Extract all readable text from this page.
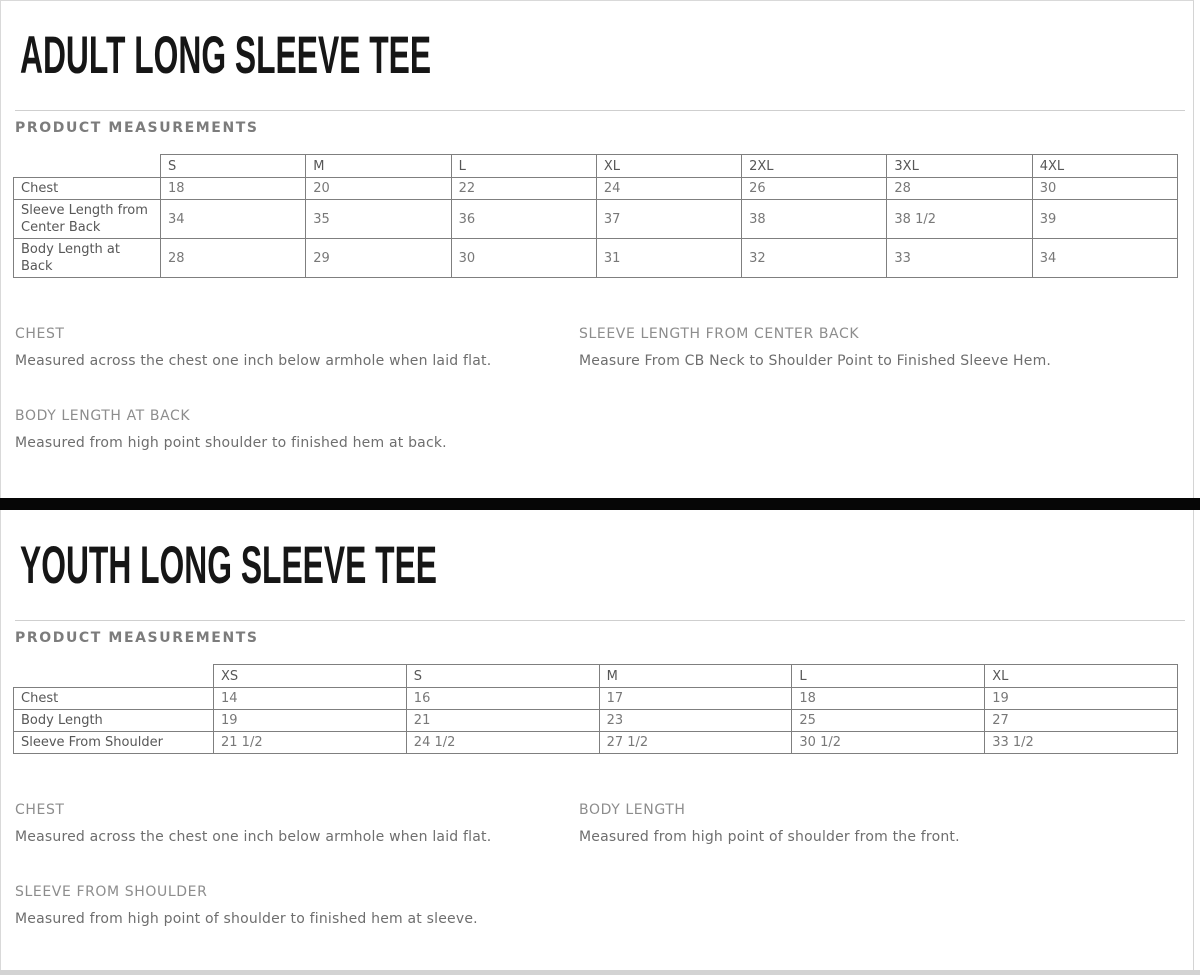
ADULT LONG SLEEVE TEE
PRODUCT MEASUREMENTS
	S	M	L	XL	2XL	3XL	4XL
Chest	18	20	22	24	26	28	30
Sleeve Length from Center Back	34	35	36	37	38	38 1/2	39
Body Length at Back	28	29	30	31	32	33	34
CHEST
Measured across the chest one inch below armhole when laid flat.
SLEEVE LENGTH FROM CENTER BACK
Measure From CB Neck to Shoulder Point to Finished Sleeve Hem.
BODY LENGTH AT BACK
Measured from high point shoulder to finished hem at back.
YOUTH LONG SLEEVE TEE
PRODUCT MEASUREMENTS
	XS	S	M	L	XL
Chest	14	16	17	18	19
Body Length	19	21	23	25	27
Sleeve From Shoulder	21 1/2	24 1/2	27 1/2	30 1/2	33 1/2
CHEST
Measured across the chest one inch below armhole when laid flat.
BODY LENGTH
Measured from high point of shoulder from the front.
SLEEVE FROM SHOULDER
Measured from high point of shoulder to finished hem at sleeve.
